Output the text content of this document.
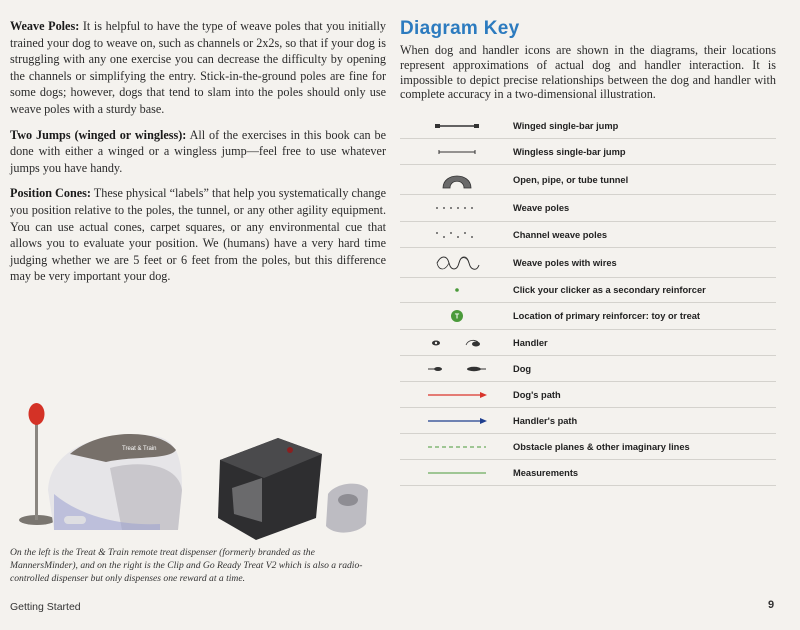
Weave Poles: It is helpful to have the type of weave poles that you initially trained your dog to weave on, such as channels or 2x2s, so that if your dog is struggling with any one exercise you can decrease the difficulty by opening the channels or simplifying the entry. Stick-in-the-ground poles are fine for some dogs; however, dogs that tend to slam into the poles should only use weave poles with a sturdy base.

Two Jumps (winged or wingless): All of the exercises in this book can be done with either a winged or a wingless jump—feel free to use whatever jumps you have handy.

Position Cones: These physical “labels” that help you systematically change you position relative to the poles, the tunnel, or any other agility equipment. You can use actual cones, carpet squares, or any environmental cue that allows you to evaluate your position. We (humans) have a very hard time judging whether we are 5 feet or 6 feet from the poles, but this difference may be very important your dog.

Treat & Train

On the left is the Treat & Train remote treat dispenser (formerly branded as the MannersMinder), and on the right is the Clip and Go Ready Treat V2 which is also a radio-controlled dispenser but only dispenses one reward at a time.

Getting Started	9
Diagram Key

When dog and handler icons are shown in the diagrams, their locations represent approximations of actual dog and handler interaction. It is impossible to depict precise relationships between the dog and handler with complete accuracy in a two-dimensional illustration.

Winged single-bar jump
Wingless single-bar jump
Open, pipe, or tube tunnel
Weave poles
Channel weave poles
Weave poles with wires
Click your clicker as a secondary reinforcer
T	Location of primary reinforcer: toy or treat
Handler
Dog
Dog's path
Handler's path
Obstacle planes & other imaginary lines
Measurements
